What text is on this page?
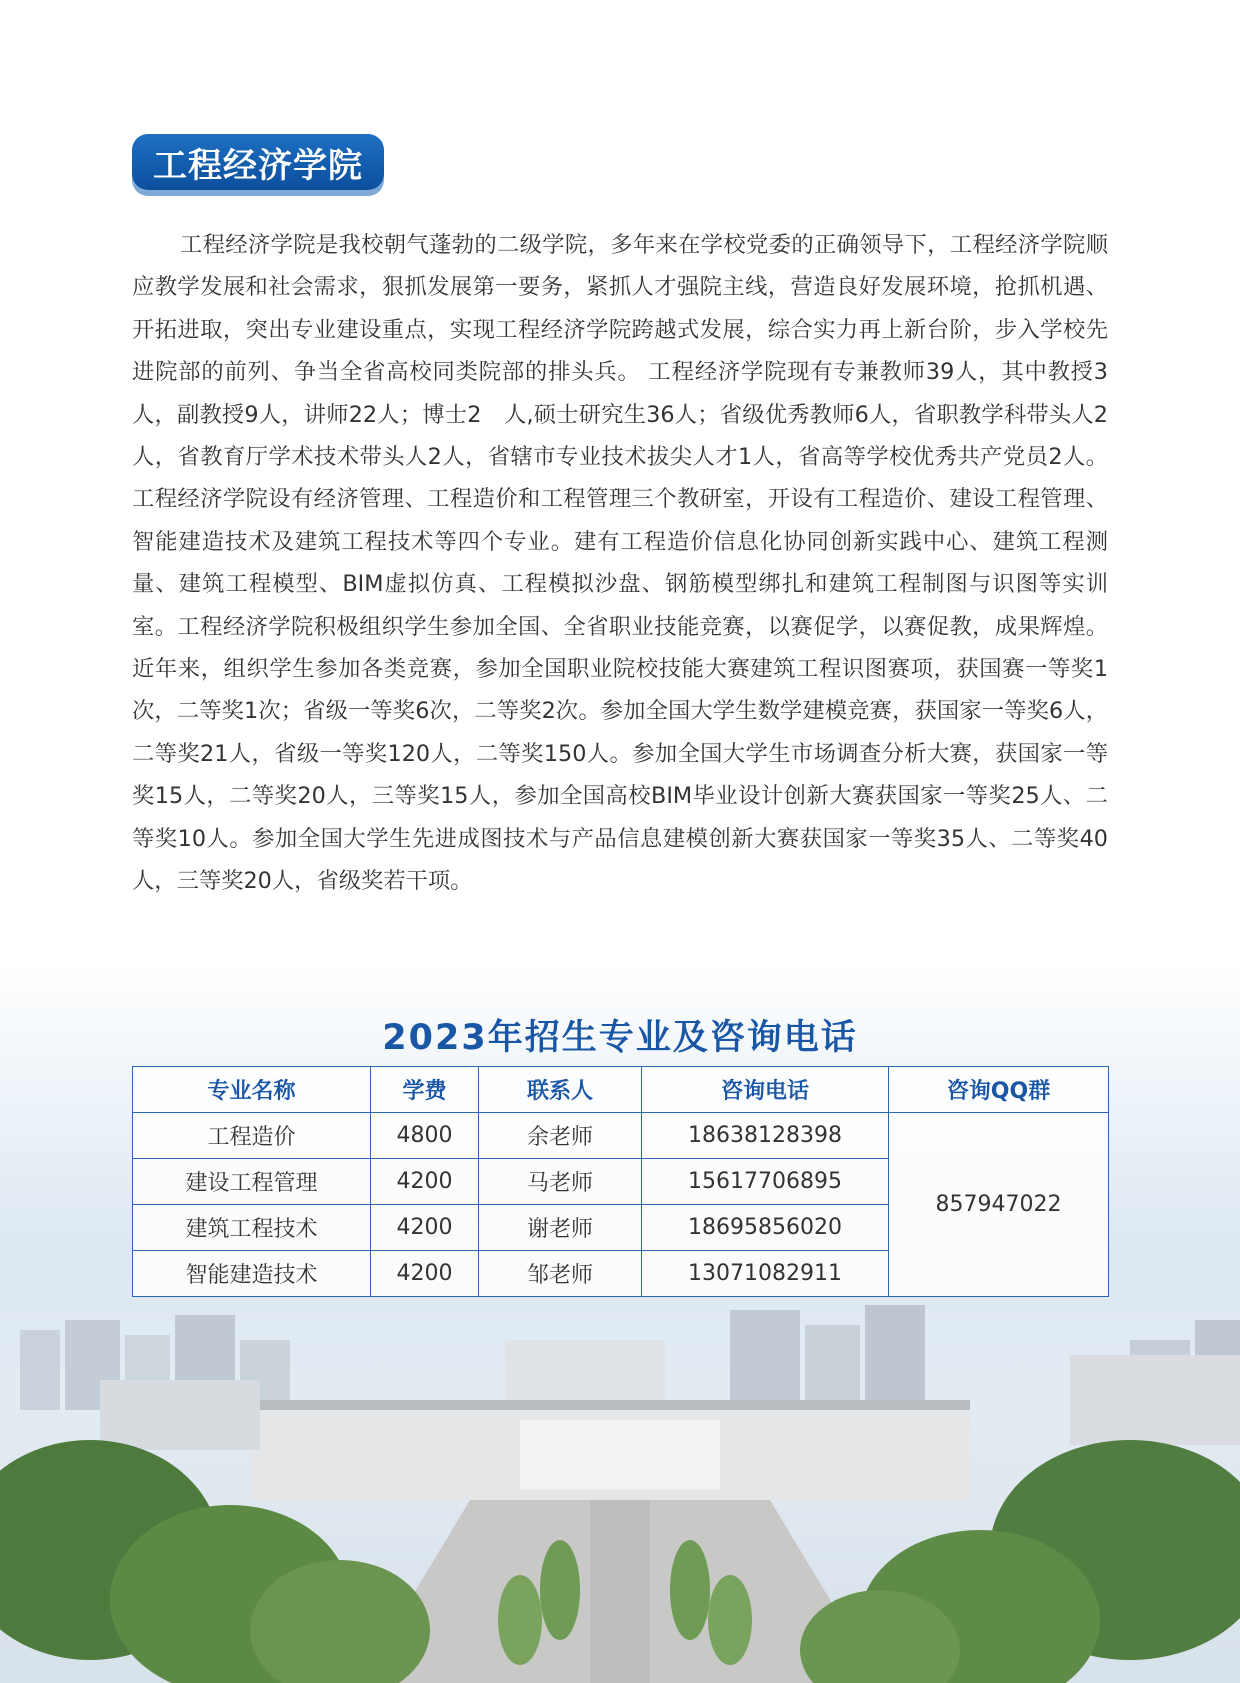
工程经济学院

工程经济学院是我校朝气蓬勃的二级学院，多年来在学校党委的正确领导下，工程经济学院顺应教学发展和社会需求，狠抓发展第一要务，紧抓人才强院主线，营造良好发展环境，抢抓机遇、开拓进取，突出专业建设重点，实现工程经济学院跨越式发展，综合实力再上新台阶，步入学校先进院部的前列、争当全省高校同类院部的排头兵。 工程经济学院现有专兼教师39人，其中教授3人，副教授9人，讲师22人；博士2　人,硕士研究生36人；省级优秀教师6人，省职教学科带头人2人，省教育厅学术技术带头人2人，省辖市专业技术拔尖人才1人，省高等学校优秀共产党员2人。工程经济学院设有经济管理、工程造价和工程管理三个教研室，开设有工程造价、建设工程管理、智能建造技术及建筑工程技术等四个专业。建有工程造价信息化协同创新实践中心、建筑工程测量、建筑工程模型、BIM虚拟仿真、工程模拟沙盘、钢筋模型绑扎和建筑工程制图与识图等实训室。工程经济学院积极组织学生参加全国、全省职业技能竞赛，以赛促学，以赛促教，成果辉煌。近年来，组织学生参加各类竞赛，参加全国职业院校技能大赛建筑工程识图赛项，获国赛一等奖1次，二等奖1次；省级一等奖6次，二等奖2次。参加全国大学生数学建模竞赛，获国家一等奖6人，二等奖21人，省级一等奖120人，二等奖150人。参加全国大学生市场调查分析大赛，获国家一等奖15人，二等奖20人，三等奖15人，参加全国高校BIM毕业设计创新大赛获国家一等奖25人、二等奖10人。参加全国大学生先进成图技术与产品信息建模创新大赛获国家一等奖35人、二等奖40人，三等奖20人，省级奖若干项。

2023年招生专业及咨询电话
专业名称	学费	联系人	咨询电话	咨询QQ群
工程造价	4800	余老师	18638128398	857947022
建设工程管理	4200	马老师	15617706895	
建筑工程技术	4200	谢老师	18695856020	
智能建造技术	4200	邹老师	13071082911	
